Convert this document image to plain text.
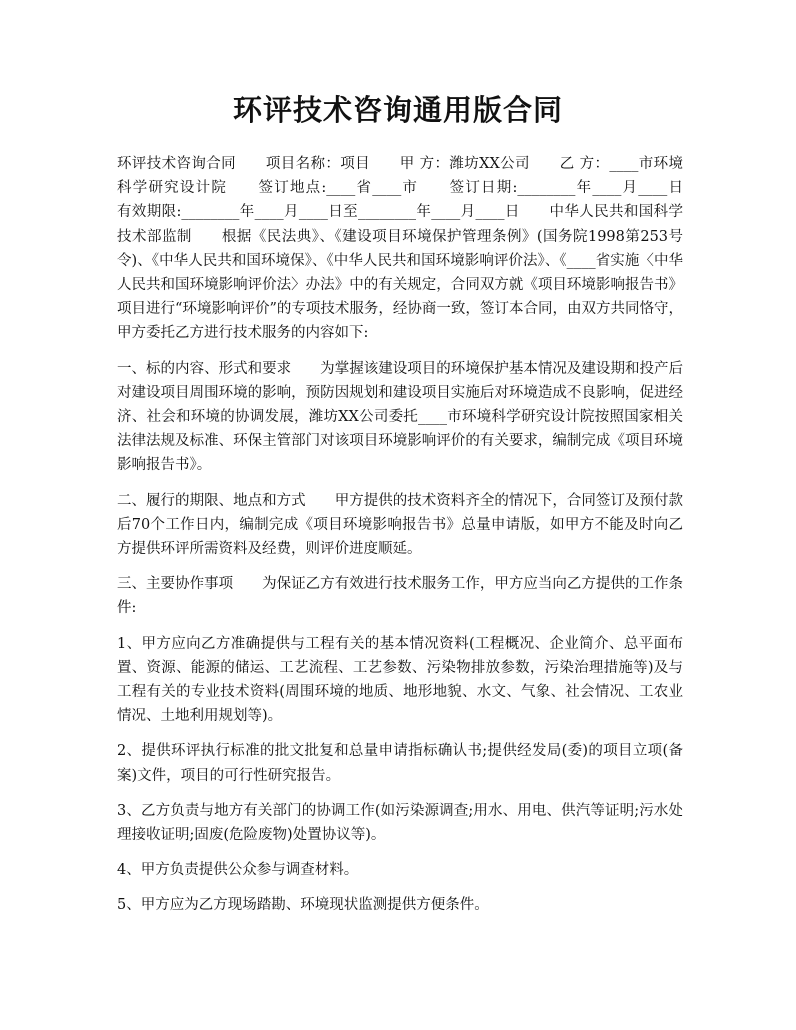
环评技术咨询通用版合同

环评技术咨询合同　　项目名称：项目　　甲 方：潍坊XX公司　　乙 方：____市环境科学研究设计院　　签订地点:____省____市　　签订日期:________年____月____日　　有效期限:________年____月____日至________年____月____日　　中华人民共和国科学技术部监制　　根据《民法典》、《建设项目环境保护管理条例》(国务院1998第253号令)、《中华人民共和国环境保》、《中华人民共和国环境影响评价法》、《____省实施〈中华人民共和国环境影响评价法〉办法》中的有关规定，合同双方就《项目环境影响报告书》项目进行“环境影响评价”的专项技术服务，经协商一致，签订本合同，由双方共同恪守，甲方委托乙方进行技术服务的内容如下:

一、标的内容、形式和要求　　为掌握该建设项目的环境保护基本情况及建设期和投产后对建设项目周围环境的影响，预防因规划和建设项目实施后对环境造成不良影响，促进经济、社会和环境的协调发展，潍坊XX公司委托____市环境科学研究设计院按照国家相关法律法规及标准、环保主管部门对该项目环境影响评价的有关要求，编制完成《项目环境影响报告书》。

二、履行的期限、地点和方式　　甲方提供的技术资料齐全的情况下，合同签订及预付款后70个工作日内，编制完成《项目环境影响报告书》总量申请版，如甲方不能及时向乙方提供环评所需资料及经费，则评价进度顺延。

三、主要协作事项　　为保证乙方有效进行技术服务工作，甲方应当向乙方提供的工作条件:

1、甲方应向乙方准确提供与工程有关的基本情况资料(工程概况、企业简介、总平面布置、资源、能源的储运、工艺流程、工艺参数、污染物排放参数，污染治理措施等)及与工程有关的专业技术资料(周围环境的地质、地形地貌、水文、气象、社会情况、工农业情况、土地利用规划等)。

2、提供环评执行标准的批文批复和总量申请指标确认书;提供经发局(委)的项目立项(备案)文件，项目的可行性研究报告。

3、乙方负责与地方有关部门的协调工作(如污染源调查;用水、用电、供汽等证明;污水处理接收证明;固废(危险废物)处置协议等)。

4、甲方负责提供公众参与调查材料。

5、甲方应为乙方现场踏勘、环境现状监测提供方便条件。
